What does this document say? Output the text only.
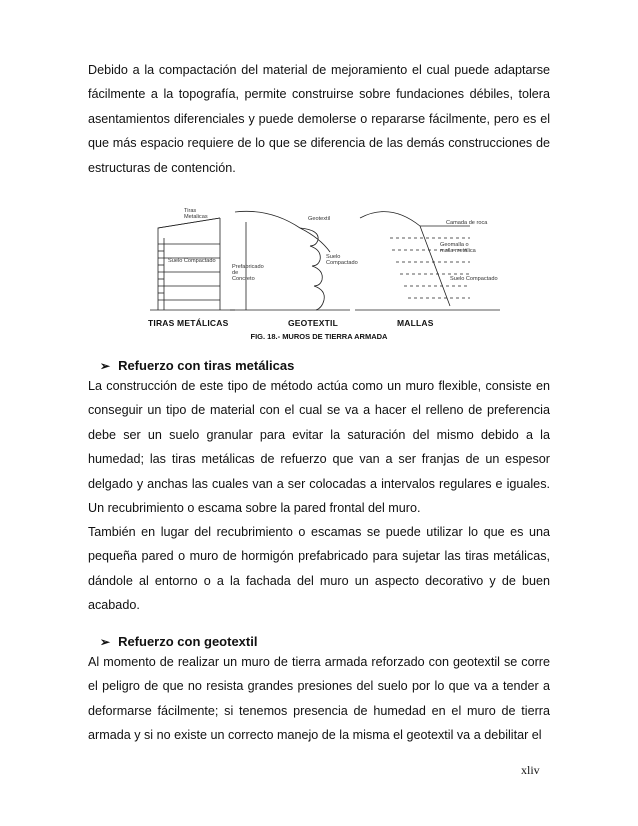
Debido a la compactación del material de mejoramiento el cual puede adaptarse fácilmente a la topografía, permite construirse sobre fundaciones débiles, tolera asentamientos diferenciales y puede demolerse o repararse fácilmente, pero es el que más espacio requiere de lo que se diferencia de las demás construcciones de estructuras de contención.

Tiras
Metalicas
Suelo Compactado
Geotextil
Suelo
Compactado
Prefabricado
de
Concreto
Camada de roca
Geomalla o
malla metálica
Suelo Compactado
TIRAS METÁLICAS	GEOTEXTIL	MALLAS
FIG. 18.- MUROS DE TIERRA ARMADA
➢ Refuerzo con tiras metálicas

La construcción de este tipo de método actúa como un muro flexible, consiste en conseguir un tipo de material con el cual se va a hacer el relleno de preferencia debe ser un suelo granular para evitar la saturación del mismo debido a la humedad; las tiras metálicas de refuerzo que van a ser franjas de un espesor delgado y anchas las cuales van a ser colocadas a intervalos regulares e iguales. Un recubrimiento o escama sobre la pared frontal del muro.

También en lugar del recubrimiento o escamas se puede utilizar lo que es una pequeña pared o muro de hormigón prefabricado para sujetar las tiras metálicas, dándole al entorno o a la fachada del muro un aspecto decorativo y de buen acabado.

➢ Refuerzo con geotextil

Al momento de realizar un muro de tierra armada reforzado con geotextil se corre el peligro de que no resista grandes presiones del suelo por lo que va a tender a deformarse fácilmente; si tenemos presencia de humedad en el muro de tierra armada y si no existe un correcto manejo de la misma el geotextil va a debilitar el

xliv
